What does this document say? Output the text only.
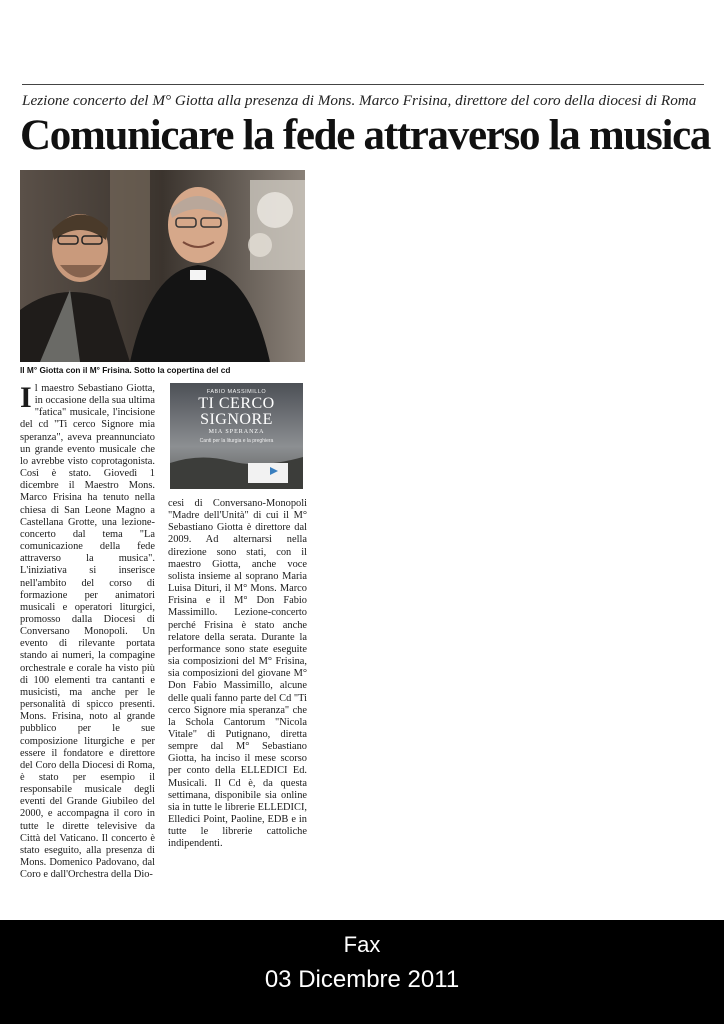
Lezione concerto del M° Giotta alla presenza di Mons. Marco Frisina, direttore del coro della diocesi di Roma
Comunicare la fede attraverso la musica
Il M° Giotta con il M° Frisina. Sotto la copertina del cd
I l maestro Sebastiano Giotta, in occasione della sua ultima "fatica" musicale, l'incisione del cd "Ti cerco Signore mia speranza", aveva preannunciato un grande evento musicale che lo avrebbe visto coprotagonista. Così è stato. Giovedì 1 dicembre il Maestro Mons. Marco Frisina ha tenuto nella chiesa di San Leone Magno a Castellana Grotte, una lezione-concerto dal tema "La comunicazione della fede attraverso la musica". L'iniziativa si inserisce nell'ambito del corso di formazione per animatori musicali e operatori liturgici, promosso dalla Diocesi di Conversano Monopoli. Un evento di rilevante portata stando ai numeri, la compagine orchestrale e corale ha visto più di 100 elementi tra cantanti e musicisti, ma anche per le personalità di spicco presenti. Mons. Frisina, noto al grande pubblico per le sue composizione liturgiche e per essere il fondatore e direttore del Coro della Diocesi di Roma, è stato per esempio il responsabile musicale degli eventi del Grande Giubileo del 2000, e accompagna il coro in tutte le dirette televisive da Città del Vaticano. Il concerto è stato eseguito, alla presenza di Mons. Domenico Padovano, dal Coro e dall'Orchestra della Dio-
FABIO MASSIMILLO
TI CERCO
SIGNORE
MIA SPERANZA
Canti per la liturgia e la preghiera
cesi di Conversano-Monopoli "Madre dell'Unità" di cui il M° Sebastiano Giotta è direttore dal 2009. Ad alternarsi nella direzione sono stati, con il maestro Giotta, anche voce solista insieme al soprano Maria Luisa Dituri, il M° Mons. Marco Frisina e il M° Don Fabio Massimillo. Lezione-concerto perché Frisina è stato anche relatore della serata. Durante la performance sono state eseguite sia composizioni del M° Frisina, sia composizioni del giovane M° Don Fabio Massimillo, alcune delle quali fanno parte del Cd "Ti cerco Signore mia speranza" che la Schola Cantorum "Nicola Vitale" di Putignano, diretta sempre dal M° Sebastiano Giotta, ha inciso il mese scorso per conto della ELLEDICI Ed. Musicali. Il Cd è, da questa settimana, disponibile sia online sia in tutte le librerie ELLEDICI, Elledici Point, Paoline, EDB e in tutte le librerie cattoliche indipendenti.
Fax
03 Dicembre 2011
